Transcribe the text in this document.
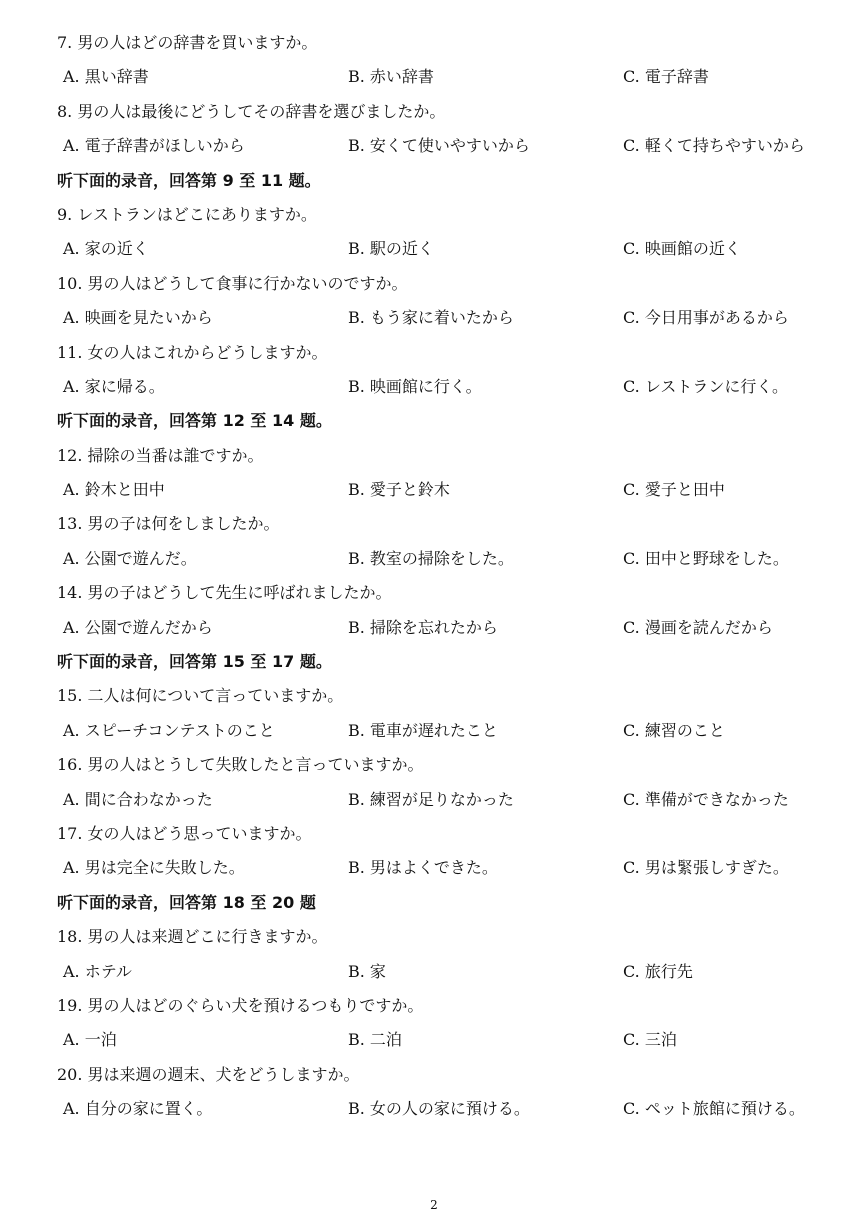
7. 男の人はどの辞書を買いますか。
A. 黒い辞書	B. 赤い辞書	C. 電子辞書
8. 男の人は最後にどうしてその辞書を選びましたか。
A. 電子辞書がほしいから	B. 安くて使いやすいから	C. 軽くて持ちやすいから
听下面的录音，回答第 9 至 11 题。
9. レストランはどこにありますか。
A. 家の近く	B. 駅の近く	C. 映画館の近く
10. 男の人はどうして食事に行かないのですか。
A. 映画を見たいから	B. もう家に着いたから	C. 今日用事があるから
11. 女の人はこれからどうしますか。
A. 家に帰る。	B. 映画館に行く。	C. レストランに行く。
听下面的录音，回答第 12 至 14 题。
12. 掃除の当番は誰ですか。
A. 鈴木と田中	B. 愛子と鈴木	C. 愛子と田中
13. 男の子は何をしましたか。
A. 公園で遊んだ。	B. 教室の掃除をした。	C. 田中と野球をした。
14. 男の子はどうして先生に呼ばれましたか。
A. 公園で遊んだから	B. 掃除を忘れたから	C. 漫画を読んだから
听下面的录音，回答第 15 至 17 题。
15. 二人は何について言っていますか。
A. スピーチコンテストのこと	B. 電車が遅れたこと	C. 練習のこと
16. 男の人はとうして失敗したと言っていますか。
A. 間に合わなかった	B. 練習が足りなかった	C. 準備ができなかった
17. 女の人はどう思っていますか。
A. 男は完全に失敗した。	B. 男はよくできた。	C. 男は緊張しすぎた。
听下面的录音，回答第 18 至 20 题
18. 男の人は来週どこに行きますか。
A. ホテル	B. 家	C. 旅行先
19. 男の人はどのぐらい犬を預けるつもりですか。
A. 一泊	B. 二泊	C. 三泊
20. 男は来週の週末、犬をどうしますか。
A. 自分の家に置く。	B. 女の人の家に預ける。	C. ペット旅館に預ける。
2
